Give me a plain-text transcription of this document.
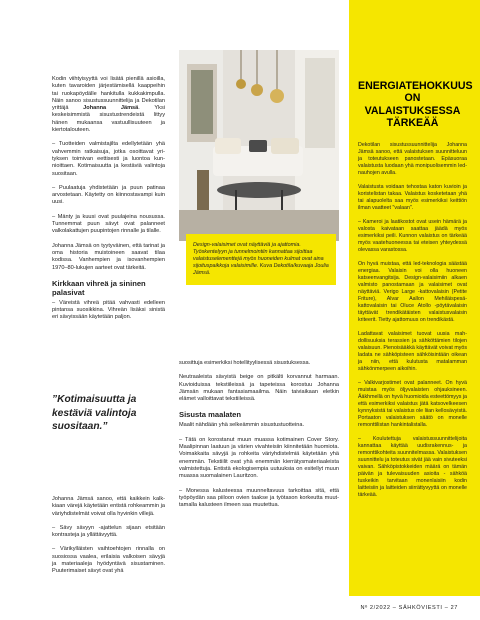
Kodin viihtyisyyttä voi lisätä pienillä asioilla, kuten tavaroiden järjestämisellä kaappeihin tai ruokapöydälle hankitulla kukkakimpulla. Näin sanoo sisustussuunnittelija ja Dekotilan yrittäjä Johanna Jämsä. Yksi keskeisimmistä sisustustrendeistä littyy hänen mukaansa vastuullisuuteen ja kiertotalouteen.

– Tuotteiden valmistajilta edellytetään yhä vahvemmin ratkaisuja, jotka osoittavat yrityksen toimivan eettisesti ja luontoa kunnioittaen. Kotimaisuutta ja kestäviä valintoja suositaan.

– Puulaatuja yhdistetään ja puun patinaa arvostetaan. Käytetty on kiinnostavampi kuin uusi.

– Mänty ja kuusi ovat puulajeina nousussa. Tunnemmat puun sävyt ovat palanneet valkolakattujen puupintojen rinnalle ja tilalle.

Johanna Jämsä on tyytyväinen, että tarinat ja oma historia muistoineen saavat tilaa kodissa. Vanhempien ja isovanhempien 1970–80-lukujen aarteet ovat tärkeitä.

Kirkkaan vihreä ja sininen palasivat

– Väreistä vihreä pitää vahvasti edelleen pintansa suosikkina. Vihreän lisäksi sinistä eri sävyissään käytetään paljon.

”Kotimaisuutta ja kestäviä valintoja suositaan.”

Johanna Jämsä sanoo, että kaikkein kalkkiaan värejä käytetään entistä rohkeammin ja väriyhdistelmät voivat olla hyvinkin villejä.

– Sävy sävyyn -ajattelun sijaan etsitään kontrasteja ja yllättävyyttä.

– Värikylläisten vaihtoehtojen rinnalla on suosiossa vaalea, erilaisia valkoisen sävyjä ja materiaaleja hyödyntävä sisustaminen. Puuterimaiset sävyt ovat yhä

Design-valaisimet ovat näyttäviä ja ajattomia. Työskentelyyn ja tunnelmointiin kannattaa sijoittaa valaistuselementtejä myös huoneiden kulmat ovat aina sijoituspaikkoja valaisimille. Kuva Dekotila/kuvaaja Joulia Jämsä.

suosittuja esimerkiksi hotellityylisessä sisustuksessa.

Neutraaleista sävyistä beige on pitkälti korvannut harmaan. Kuvioiduissa tekstiileissä ja tapeteissa korostuu Johanna Jämsän mukaan fantasiamaailma. Näin taiviaikaan eletkin elämet valloittavat tekstiileissä.

Sisusta maalaten

Maalit nähdään yhä selkeämmin sisustustuotteina.

– Tätä on korostanut muun muassa kotimainen Cover Story. Maalipinnan laatuun ja värien vivahteisiin kiinnitetään huomiota. Voimakkaita sävyjä ja rohkeita väriyhdistelmiä käytetään yhä enemmän. Tekstiilit ovat yhä enemmän kierrätysmateriaaleista valmistettuja. Entistä ekologisempia uutuuksia on esitellyt muun muassa suomalainen Lauritzon.

– Monessa kalusteessa muunneltavuus tarkoittaa sitä, että työpöydän saa piiloon ovien taakse ja työtason korkeutta muuttamalla kalusteen ilmeen saa muutettua.

ENERGIATEHOKKUUS ON VALAISTUKSESSA TÄRKEÄÄ

Dekotilan sisustussuunnittelija Johanna Jämsä sanoo, että valaistuksen suunnitteluun ja toteutukseen panostetaan. Epäsuoraa valaistusta luodaan yhä monipuolisemmin led-nauhojen avulla.

Valaistusta voidaan tehostaa katon kuvioin ja koristelistan takaa. Valaistus kosketetaan yhä tai alapuolelta saa myös esimerkiksi keittiön ilman vaatteet "valaan".

– Kameroi ja laatikostot ovat usein hämärä ja valosta kaivataan saattaa jäädä myös esimerkiksi peili. Kunnon valaistus on tärkeää myös vaatehuoneessa tai eteisen yhteydessä olevassa varastossa.

On hyvä muistaa, että led-teknologia säästää energiaa. Valaisin voi olla huoneen katseenvangitsija. Design-valaisimiin alkaen valmisto panostamaan ja valaisimet ovat näyttäviä. Verigo Large -kattovalaisin (Petite Friture), Alvar Aallon Mehiläispesä-kattovalaisin tai Oluce Atollo -pöytävalaisin täyttävät trendikätäisten valaistusvalaisin kriteerit. Tietty ajattomuus on trendikästä.

Ladattavat valaisimet tuovat uusia mahdollisuuksia terassien ja sähköttämien tilojen valaisuun. Pienoisääkkä käyttävät voivat myös ladata ne sähköpisteen sähköisintään oikean ja niin, että kulutusta matalamman sähkönmerpeen aikoihin.

– Valkivarjostimet ovat palanneet. On hyvä muistaa myös öljyvalaisten ohjauksineen. Ääkhmellä on hyvä huomioida esteettömyys ja että esimerkiksi valaistus jätä katsovelkeesen kynnyksistä tai valaistus ole liian kellosävyistä. Portaaton valaistuksen säätö on monelle remonttilistan hankintalistalla.

– Koulutettuja valaistussuunnittelijoita kannattaa käyttää uudisrakennus- ja remonttikohteita suunnitelmassa. Valaistuksen suunnittelu ja toteutus sivät jää vain sivuteeksi vaivan. Sähköpistokkeiden määrä on tämän päivän ja tulevaisuuden asioita - sähköä tuskeikin tarvitaan monenlaisiin kodin laitteisiin ja laitteiden siirrättyvyyttä on monelle tärkeää.

Nº 2/2022 – SÄHKÖVIESTI – 27
